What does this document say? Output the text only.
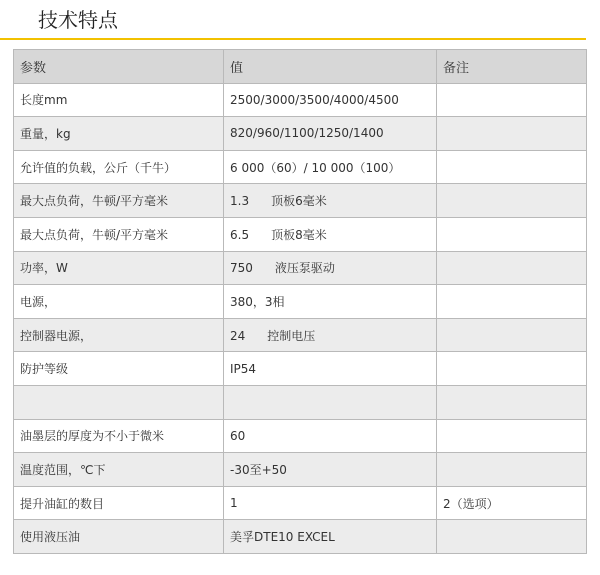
技术特点
参数	值	备注
长度mm	2500/3000/3500/4000/4500	
重量，kg	820/960/1100/1250/1400	
允许值的负载，公斤（千牛）	6 000（60）/ 10 000（100）	
最大点负荷，牛顿/平方毫米	1.3 顶板6毫米	
最大点负荷，牛顿/平方毫米	6.5 顶板8毫米	
功率，W	750 液压泵驱动	
电源，	380，3相	
控制器电源，	24 控制电压	
防护等级	IP54	

油墨层的厚度为不小于微米	60	
温度范围，℃下	-30至+50	
提升油缸的数目	1	2（选项）
使用液压油	美孚DTE10 EXCEL	
